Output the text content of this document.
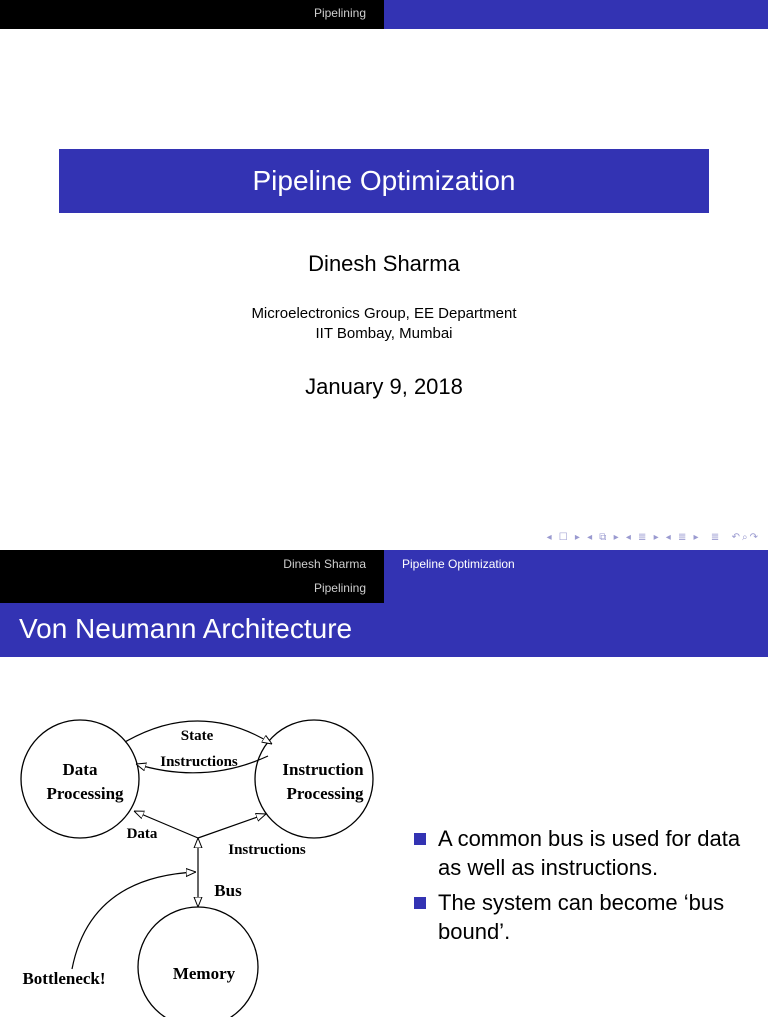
Pipelining
Pipeline Optimization
Dinesh Sharma
Microelectronics Group, EE Department
IIT Bombay, Mumbai
January 9, 2018
◂ ☐ ▸ ◂ ⧉ ▸ ◂ ≣ ▸ ◂ ≣ ▸  ≣  ↶⌕↷
Dinesh Sharma
Pipelining
Pipeline Optimization
Von Neumann Architecture
Data
Processing
Instruction
Processing
Memory
State
Instructions
Data
Instructions
Bus
Bottleneck!
A common bus is used for data as well as instructions.
The system can become ‘bus bound’.
